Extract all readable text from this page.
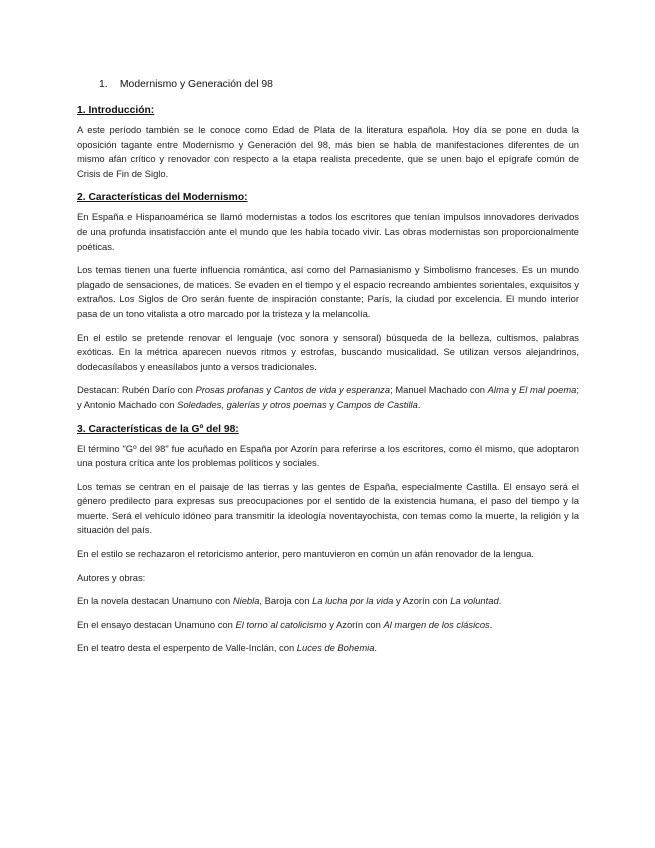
1. Modernismo y Generación del 98
1. Introducción:

A este período también se le conoce como Edad de Plata de la literatura española. Hoy día se pone en duda la oposición tagante entre Modernismo y Generación del 98, más bien se habla de manifestaciones diferentes de un mismo afán crítico y renovador con respecto a la etapa realista precedente, que se unen bajo el epígrafe común de Crisis de Fin de Siglo.

2. Características del Modernismo:

En España e Hispanoamérica se llamó modernistas a todos los escritores que tenían impulsos innovadores derivados de una profunda insatisfacción ante el mundo que les había tocado vivir. Las obras modernistas son proporcionalmente poéticas.

Los temas tienen una fuerte influencia romántica, así como del Parnasianismo y Simbolismo franceses. Es un mundo plagado de sensaciones, de matices. Se evaden en el tiempo y el espacio recreando ambientes sorientales, exquisitos y extraños. Los Siglos de Oro serán fuente de inspiración constante; París, la ciudad por excelencia. El mundo interior pasa de un tono vitalista a otro marcado por la tristeza y la melancolía.

En el estilo se pretende renovar el lenguaje (voc sonora y sensoral) búsqueda de la belleza, cultismos, palabras exóticas. En la métrica aparecen nuevos ritmos y estrofas, buscando musicalidad. Se utilizan versos alejandrinos, dodecasílabos y eneasílabos junto a versos tradicionales.

Destacan: Rubén Darío con Prosas profanas y Cantos de vida y esperanza; Manuel Machado con Alma y El mal poema; y Antonio Machado con Soledades, galerías y otros poemas y Campos de Castilla.

3. Características de la Gº del 98:

El término "Gº del 98" fue acuñado en España por Azorín para referirse a los escritores, como él mismo, que adoptaron una postura crítica ante los problemas políticos y sociales.

Los temas se centran en el paisaje de las tierras y las gentes de España, especialmente Castilla. El ensayo será el género predilecto para expresas sus preocupaciones por el sentido de la existencia humana, el paso del tiempo y la muerte. Será el vehículo idóneo para transmitir la ideología noventayochista, con temas como la muerte, la religión y la situación del país.

En el estilo se rechazaron el retoricismo anterior, pero mantuvieron en común un afán renovador de la lengua.

Autores y obras:

En la novela destacan Unamuno con Niebla, Baroja con La lucha por la vida y Azorín con La voluntad.

En el ensayo destacan Unamuno con El torno al catolicismo y Azorín con Al margen de los clásicos.

En el teatro desta el esperpento de Valle-Inclán, con Luces de Bohemia.
